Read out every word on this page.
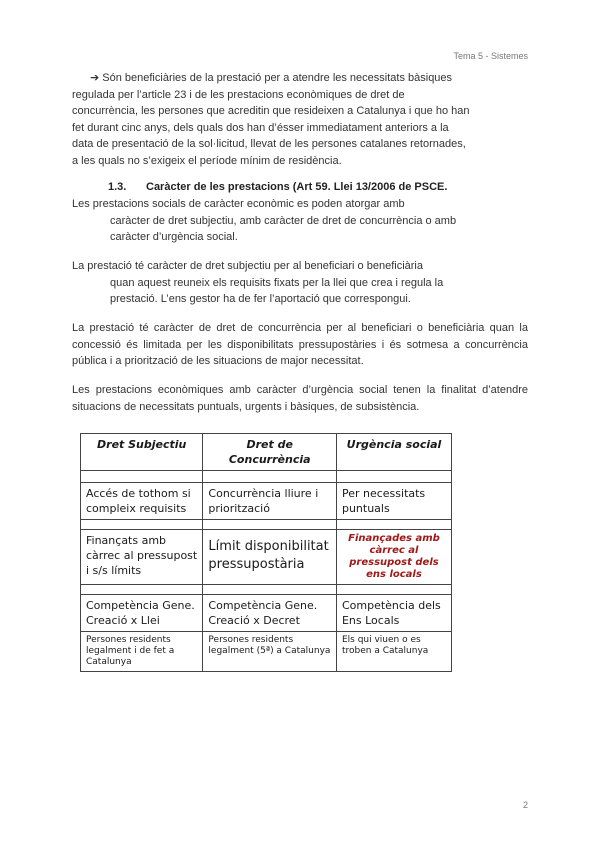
Tema 5 - Sistemes
➔ Són beneficiàries de la prestació per a atendre les necessitats bàsiques
regulada per l’article 23 i de les prestacions econòmiques de dret de
concurrència, les persones que acreditin que resideixen a Catalunya i que ho han
fet durant cinc anys, dels quals dos han d’ésser immediatament anteriors a la
data de presentació de la sol·licitud, llevat de les persones catalanes retornades,
a les quals no s’exigeix el període mínim de residència.
1.3. Caràcter de les prestacions (Art 59. Llei 13/2006 de PSCE.
Les prestacions socials de caràcter econòmic es poden atorgar amb
caràcter de dret subjectiu, amb caràcter de dret de concurrència o amb
caràcter d’urgència social.
La prestació té caràcter de dret subjectiu per al beneficiari o beneficiària
quan aquest reuneix els requisits fixats per la llei que crea i regula la
prestació. L’ens gestor ha de fer l’aportació que correspongui.

La prestació té caràcter de dret de concurrència per al beneficiari o beneficiària quan la concessió és limitada per les disponibilitats pressupostàries i és sotmesa a concurrència pública i a priorització de les situacions de major necessitat.

Les prestacions econòmiques amb caràcter d’urgència social tenen la finalitat d’atendre situacions de necessitats puntuals, urgents i bàsiques, de subsistència.

Dret Subjectiu	Dret de Concurrència	Urgència social

Accés de tothom si compleix requisits	Concurrència lliure i priorització	Per necessitats puntuals

Finançats amb càrrec al pressupost i s/s límits	Límit disponibilitat pressupostària	Finançades amb càrrec al pressupost dels ens locals

Competència Gene. Creació x Llei	Competència Gene. Creació x Decret	Competència dels Ens Locals
Persones residents legalment i de fet a Catalunya	Persones residents legalment (5ª) a Catalunya	Els qui viuen o es troben a Catalunya
2
